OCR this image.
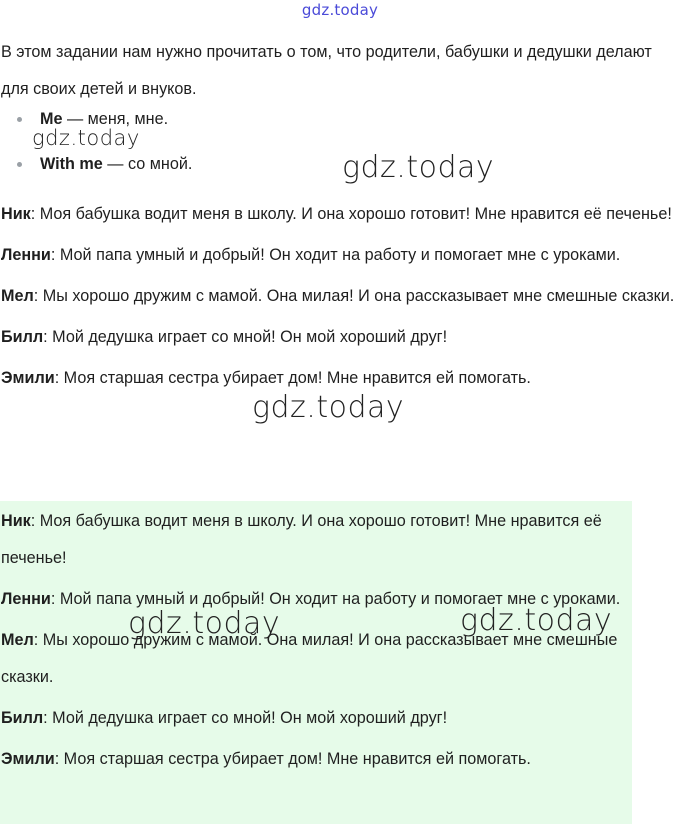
gdz.today

В этом задании нам нужно прочитать о том, что родители, бабушки и дедушки делают для своих детей и внуков.

Me — меня, мне.
With me — со мной.

Ник: Моя бабушка водит меня в школу. И она хорошо готовит! Мне нравится её печенье!

Ленни: Мой папа умный и добрый! Он ходит на работу и помогает мне с уроками.

Мел: Мы хорошо дружим с мамой. Она милая! И она рассказывает мне смешные сказки.

Билл: Мой дедушка играет со мной! Он мой хороший друг!

Эмили: Моя старшая сестра убирает дом! Мне нравится ей помогать.

Ник: Моя бабушка водит меня в школу. И она хорошо готовит! Мне нравится её печенье!

Ленни: Мой папа умный и добрый! Он ходит на работу и помогает мне с уроками.

Мел: Мы хорошо дружим с мамой. Она милая! И она рассказывает мне смешные сказки.

Билл: Мой дедушка играет со мной! Он мой хороший друг!

Эмили: Моя старшая сестра убирает дом! Мне нравится ей помогать.

gdz.today
gdz.today
gdz.today
gdz.today	gdz.today
